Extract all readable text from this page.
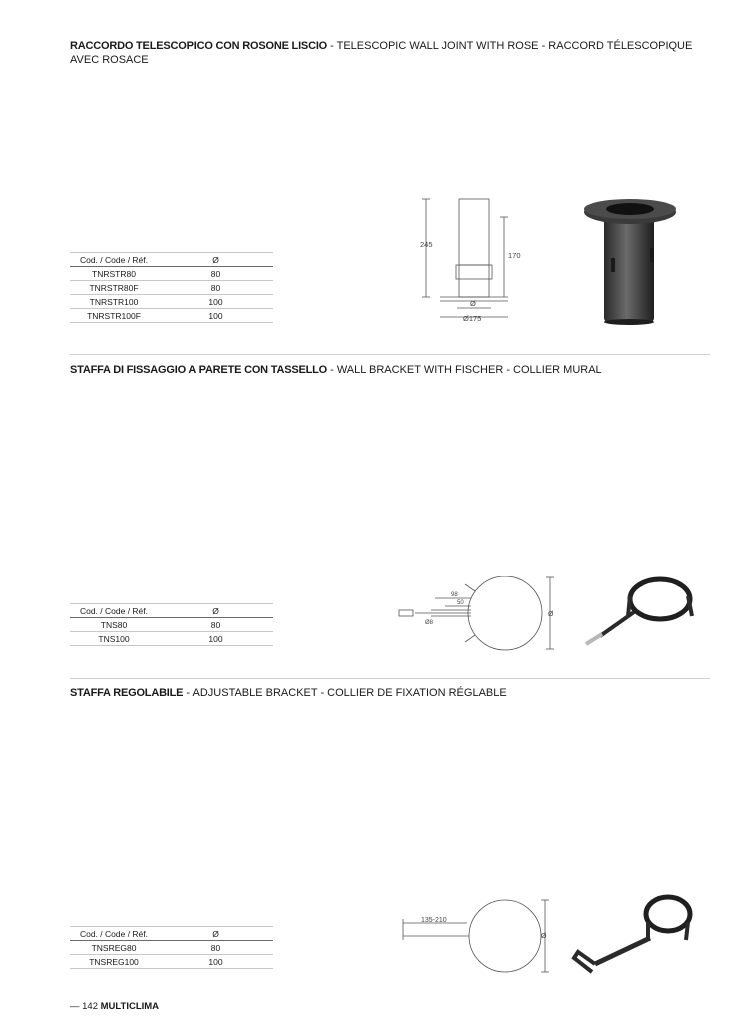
RACCORDO TELESCOPICO CON ROSONE LISCIO - TELESCOPIC WALL JOINT WITH ROSE - RACCORD TÉLESCOPIQUE AVEC ROSACE
Cod. / Code / Réf.	Ø
TNRSTR80	80
TNRSTR80F	80
TNRSTR100	100
TNRSTR100F	100
245
170
Ø
Ø175
STAFFA DI FISSAGGIO A PARETE CON TASSELLO - WALL BRACKET WITH FISCHER - COLLIER MURAL
Cod. / Code / Réf.	Ø
TNS80	80
TNS100	100
98
50
Ø8
Ø
STAFFA REGOLABILE - ADJUSTABLE BRACKET - COLLIER DE FIXATION RÉGLABLE
Cod. / Code / Réf.	Ø
TNSREG80	80
TNSREG100	100
135-210
Ø
— 142 MULTICLIMA
